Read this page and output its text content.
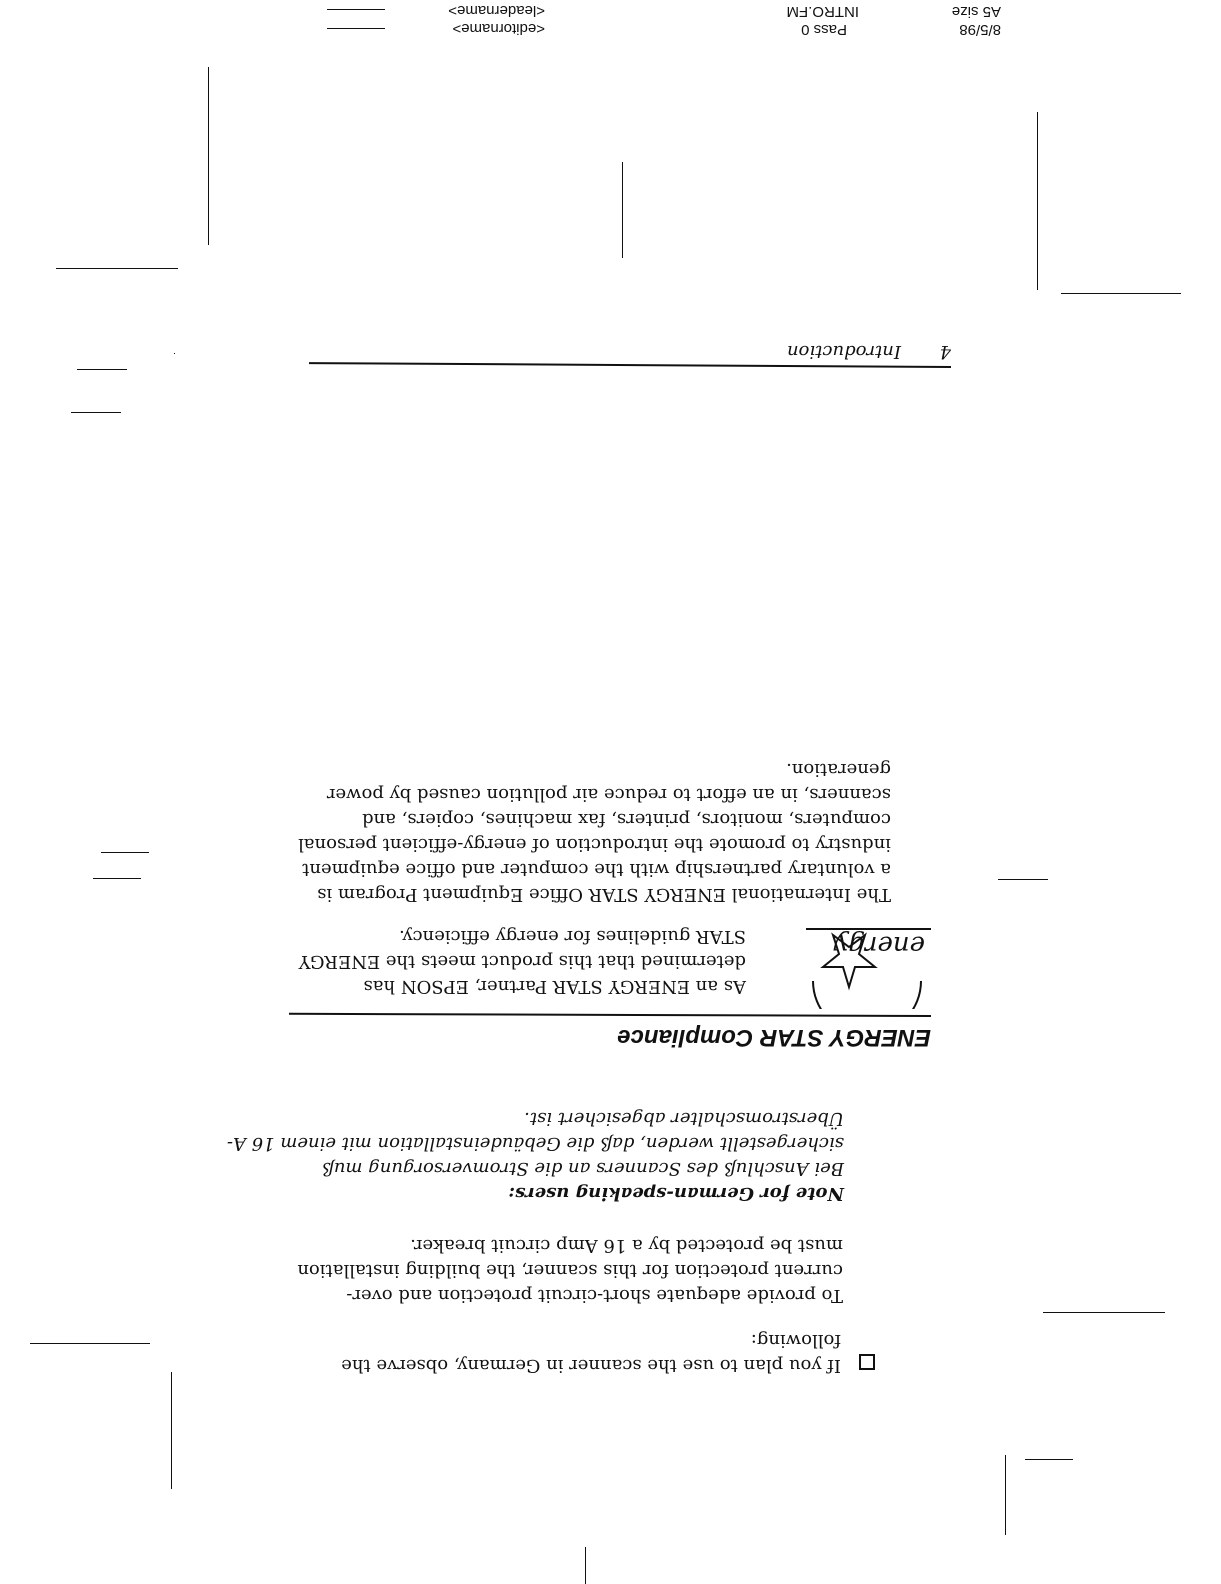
A5 size
8/5/98
INTRO.FM
Pass 0
<editorname>
<leadername>
4
Introduction

If you plan to use the scanner in Germany, observe the

following:

To provide adequate short-circuit protection and over-

current protection for this scanner, the building installation

must be protected by a 16 Amp circuit breaker.

Note for German-speaking users:

Bei Anschluß des Scanners an die Stromversorgung muß

sichergestellt werden, daß die Gebäudeinstallation mit einem 16 A-

Überstromschalter abgesichert ist.

ENERGY STAR Compliance
energy

As an ENERGY STAR Partner, EPSON has

determined that this product meets the ENERGY

STAR guidelines for energy efficiency.

The International ENERGY STAR Office Equipment Program is

a voluntary partnership with the computer and office equipment

industry to promote the introduction of energy-efficient personal

computers, monitors, printers, fax machines, copiers, and

scanners, in an effort to reduce air pollution caused by power

generation.
